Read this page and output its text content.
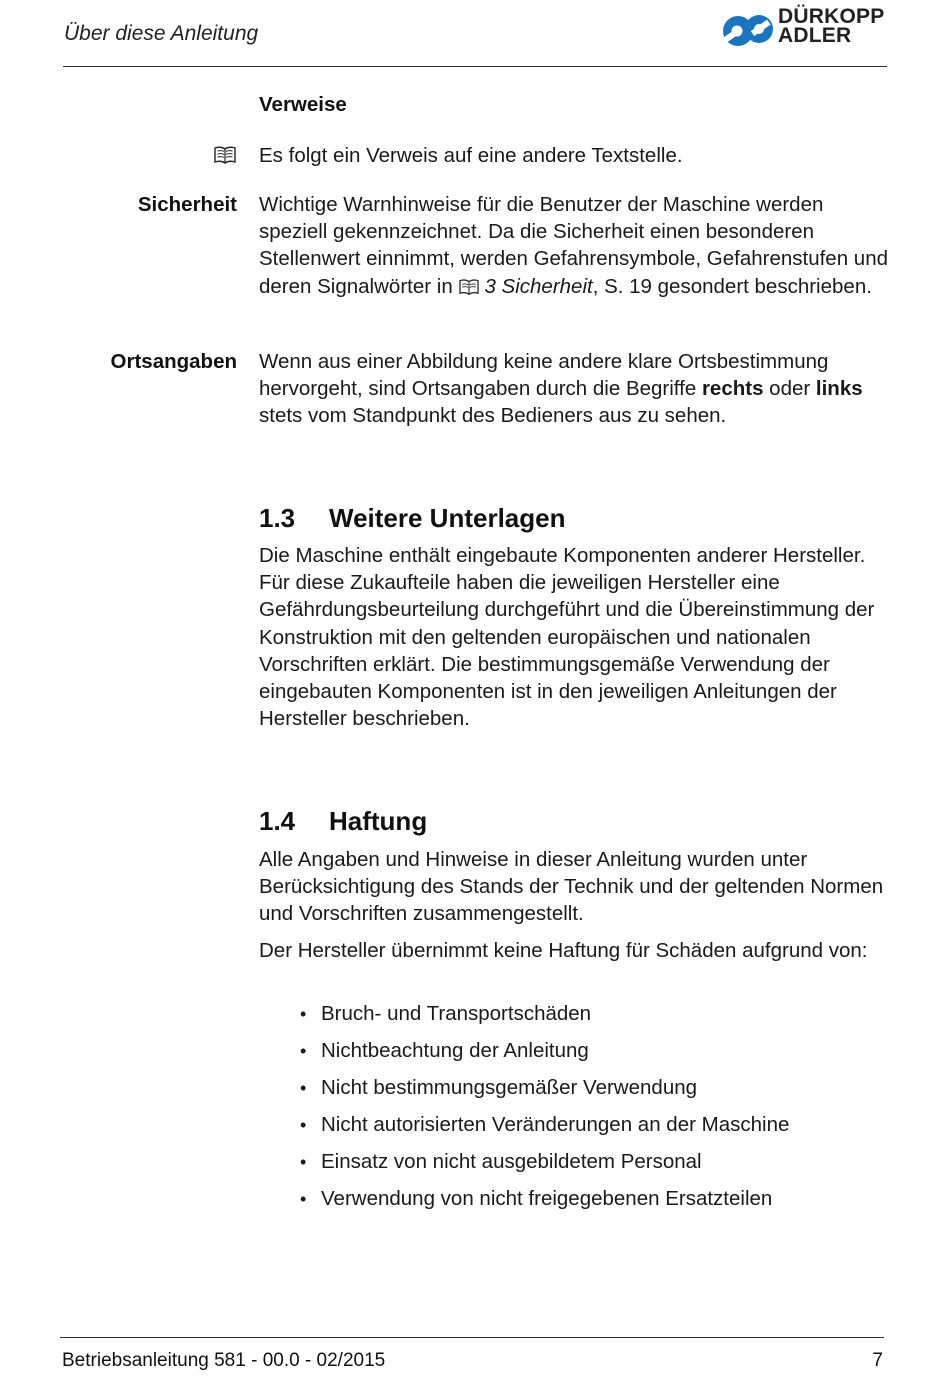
Über diese Anleitung
DÜRKOPP
ADLER
Verweise

Es folgt ein Verweis auf eine andere Textstelle.

Sicherheit Wichtige Warnhinweise für die Benutzer der Maschine werden speziell gekennzeichnet. Da die Sicherheit einen besonderen Stellenwert einnimmt, werden Gefahrensymbole, Gefahrenstufen und deren Signalwörter in 3 Sicherheit, S. 19 gesondert beschrieben.

Ortsangaben Wenn aus einer Abbildung keine andere klare Ortsbestimmung hervorgeht, sind Ortsangaben durch die Begriffe rechts oder links stets vom Standpunkt des Bedieners aus zu sehen.

1.3 Weitere Unterlagen

Die Maschine enthält eingebaute Komponenten anderer Hersteller. Für diese Zukaufteile haben die jeweiligen Hersteller eine Gefährdungsbeurteilung durchgeführt und die Übereinstimmung der Konstruktion mit den geltenden europäischen und nationalen Vorschriften erklärt. Die bestimmungsgemäße Verwendung der eingebauten Komponenten ist in den jeweiligen Anleitungen der Hersteller beschrieben.

1.4 Haftung

Alle Angaben und Hinweise in dieser Anleitung wurden unter Berücksichtigung des Stands der Technik und der geltenden Normen und Vorschriften zusammengestellt.

Der Hersteller übernimmt keine Haftung für Schäden aufgrund von:

• Bruch- und Transportschäden
• Nichtbeachtung der Anleitung
• Nicht bestimmungsgemäßer Verwendung
• Nicht autorisierten Veränderungen an der Maschine
• Einsatz von nicht ausgebildetem Personal
• Verwendung von nicht freigegebenen Ersatzteilen
Betriebsanleitung 581 - 00.0 - 02/2015	7
